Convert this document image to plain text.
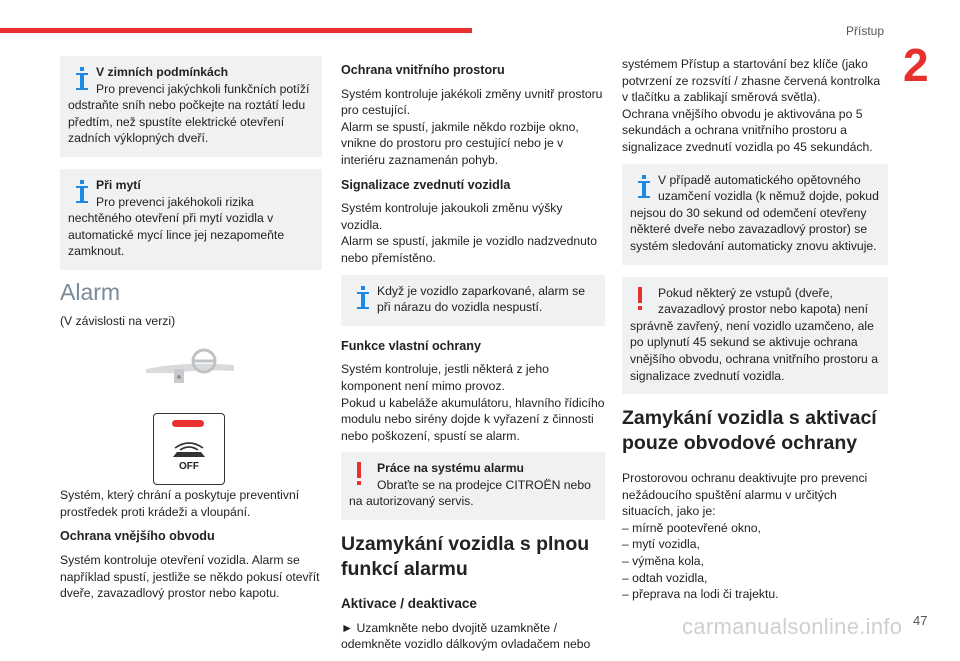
Přístup
2
V zimních podmínkách
Pro prevenci jakýchkoli funkčních potíží
odstraňte sníh nebo počkejte na roztátí ledu předtím, než spustíte elektrické otevření zadních výklopných dveří.
Při mytí
Pro prevenci jakéhokoli rizika
nechtěného otevření při mytí vozidla v automatické mycí lince jej nezapomeňte zamknout.
Alarm

(V závislosti na verzi)

OFF

Systém, který chrání a poskytuje preventivní prostředek proti krádeži a vloupání.

Ochrana vnějšího obvodu

Systém kontroluje otevření vozidla. Alarm se například spustí, jestliže se někdo pokusí otevřít dveře, zavazadlový prostor nebo kapotu.

Ochrana vnitřního prostoru

Systém kontroluje jakékoli změny uvnitř prostoru pro cestující.

Alarm se spustí, jakmile někdo rozbije okno, vnikne do prostoru pro cestující nebo je v interiéru zaznamenán pohyb.

Signalizace zvednutí vozidla

Systém kontroluje jakoukoli změnu výšky vozidla.

Alarm se spustí, jakmile je vozidlo nadzvednuto nebo přemístěno.

Když je vozidlo zaparkované, alarm se
při nárazu do vozidla nespustí.
Funkce vlastní ochrany

Systém kontroluje, jestli některá z jeho komponent není mimo provoz.

Pokud u kabeláže akumulátoru, hlavního řídicího modulu nebo sirény dojde k vyřazení z činnosti nebo poškození, spustí se alarm.

Práce na systému alarmu
Obraťte se na prodejce CITROËN nebo
na autorizovaný servis.
Uzamykání vozidla s plnou funkcí alarmu
Aktivace / deaktivace

► Uzamkněte nebo dvojitě uzamkněte / odemkněte vozidlo dálkovým ovladačem nebo

systémem Přístup a startování bez klíče (jako potvrzení ze rozsvítí / zhasne červená kontrolka v tlačítku a zablikají směrová světla).

Ochrana vnějšího obvodu je aktivována po 5 sekundách a ochrana vnitřního prostoru a signalizace zvednutí vozidla po 45 sekundách.

V případě automatického opětovného
uzamčení vozidla (k němuž dojde, pokud
nejsou do 30 sekund od odemčení otevřeny některé dveře nebo zavazadlový prostor) se systém sledování automaticky znovu aktivuje.
Pokud některý ze vstupů (dveře,
zavazadlový prostor nebo kapota) není
správně zavřený, není vozidlo uzamčeno, ale po uplynutí 45 sekund se aktivuje ochrana vnějšího obvodu, ochrana vnitřního prostoru a signalizace zvednutí vozidla.
Zamykání vozidla s aktivací pouze obvodové ochrany

Prostorovou ochranu deaktivujte pro prevenci nežádoucího spuštění alarmu v určitých situacích, jako je:

– mírně pootevřené okno,
– mytí vozidla,
– výměna kola,
– odtah vozidla,
– přeprava na lodi či trajektu.
carmanualsonline.info 47
